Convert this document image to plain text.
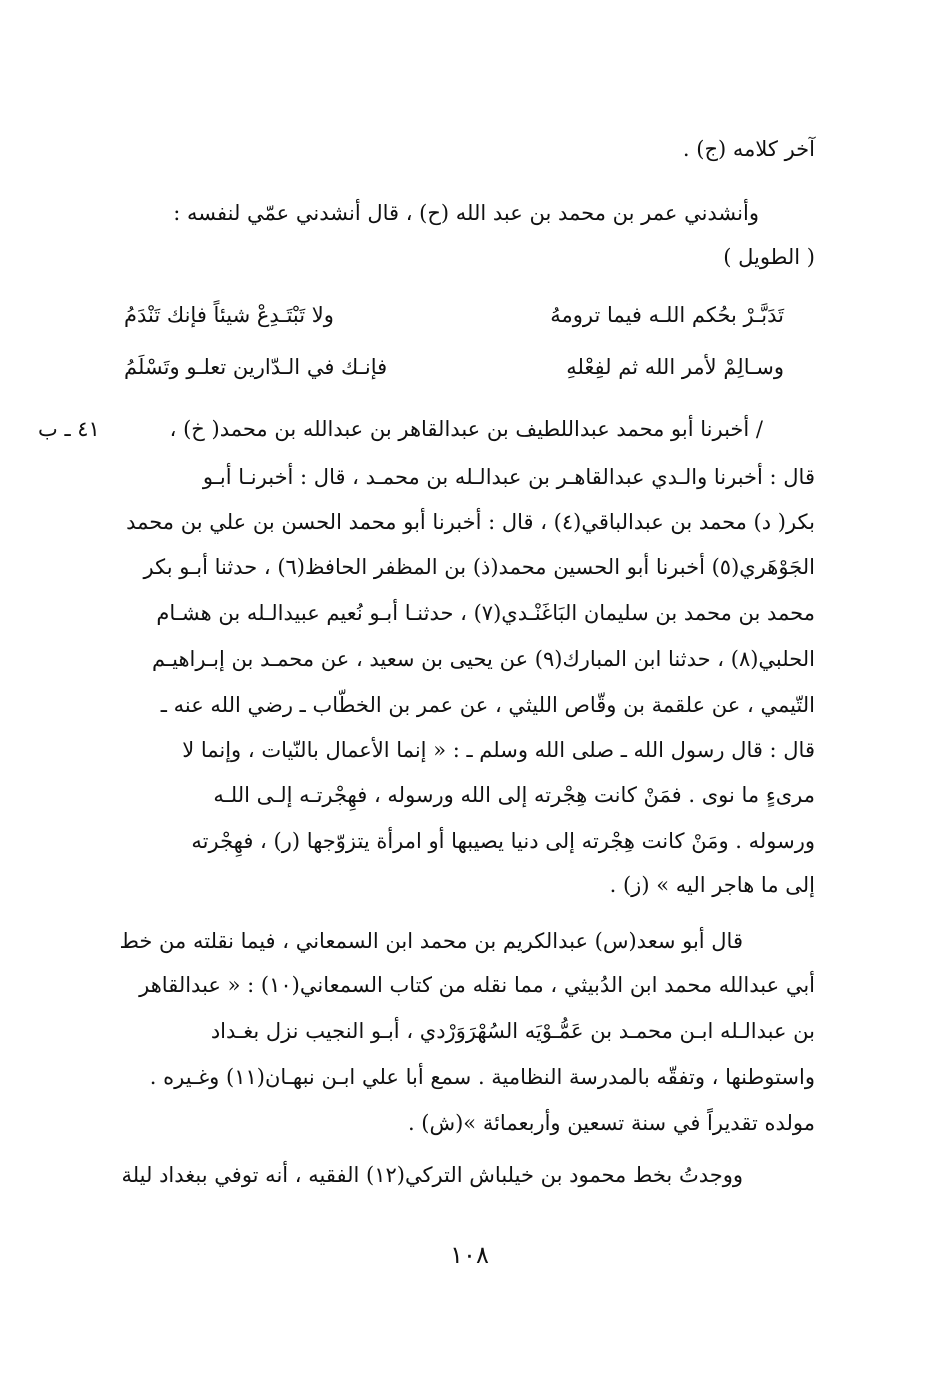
آخر كلامه (ج) .
وأنشدني عمر بن محمد بن عبد الله (ح) ، قال أنشدني عمّي لنفسه :
( الطويل )
تَدَبَّـرْ بحُكم اللـه فيما ترومهُ
ولا تَبْتَـدِعْ شيئاً فإنك تَنْدَمُ
وسـالِمْ لأمر الله ثم لفِعْلهِ
فإنـك في الـدّارين تعلـو وتَسْلَمُ
٤١ ـ ب	/ أخبرنا أبو محمد عبداللطيف بن عبدالقاهر بن عبدالله بن محمد( خ) ،
قال : أخبرنا والـدي عبدالقاهـر بن عبدالـله بن محمـد ، قال : أخبرنـا أبـو
بكر( د) محمد بن عبدالباقي(٤) ، قال : أخبرنا أبو محمد الحسن بن علي بن محمد
الجَوْهَري(٥) أخبرنا أبو الحسين محمد(ذ) بن المظفر الحافظ(٦) ، حدثنا أبـو بكر
محمد بن محمد بن سليمان البَاغَنْـدي(٧) ، حدثنـا أبـو نُعيم عبيدالـله بن هشـام
الحلبي(٨) ، حدثنا ابن المبارك(٩) عن يحيى بن سعيد ، عن محمـد بن إبـراهيـم
التّيمي ، عن علقمة بن وقّاص الليثي ، عن عمر بن الخطّاب ـ رضي الله عنه ـ
قال : قال رسول الله ـ صلى الله وسلم ـ : « إنما الأعمال بالنّيات ، وإنما لا
مرىءٍ ما نوى . فمَنْ كانت هِجْرته إلى الله ورسوله ، فهِجْرتـه إلـى اللـه
ورسوله . ومَنْ كانت هِجْرته إلى دنيا يصيبها أو امرأة يتزوّجها (ر) ، فهِجْرته
إلى ما هاجر اليه » (ز) .
قال أبو سعد(س) عبدالكريم بن محمد ابن السمعاني ، فيما نقلته من خط
أبي عبدالله محمد ابن الدُبيثي ، مما نقله من كتاب السمعاني(١٠) : « عبدالقاهر
بن عبدالـله ابـن محمـد بن عَمُّـوْيَه السُهْرَوَرْدي ، أبـو النجيب نزل بغـداد
واستوطنها ، وتفقّه بالمدرسة النظامية . سمع أبا علي ابـن نبهـان(١١) وغـيره .
مولده تقديراً في سنة تسعين وأربعمائة »(ش) .
ووجدتُ بخط محمود بن خيلباش التركي(١٢) الفقيه ، أنه توفي ببغداد ليلة
١٠٨
